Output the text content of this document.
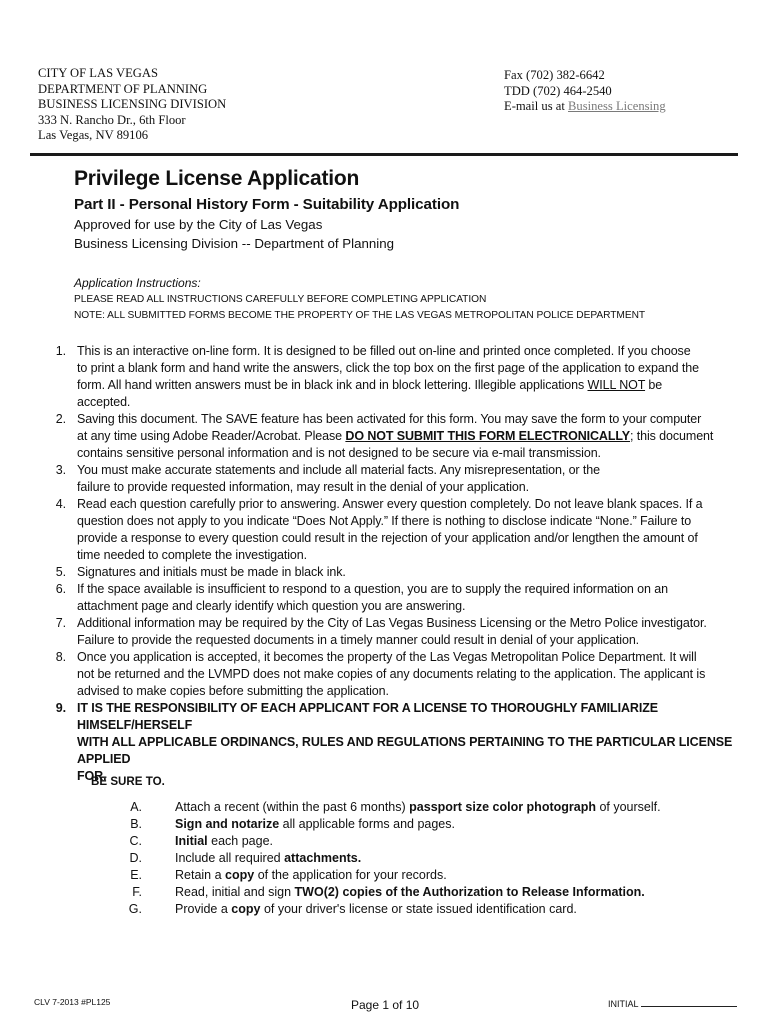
CITY OF LAS VEGAS
DEPARTMENT OF PLANNING
BUSINESS LICENSING DIVISION
333 N. Rancho Dr., 6th Floor
Las Vegas, NV 89106
Fax (702) 382-6642
TDD (702) 464-2540
E-mail us at Business Licensing
Privilege License Application
Part II - Personal History Form - Suitability Application
Approved for use by the City of Las Vegas
Business Licensing Division -- Department of Planning
Application Instructions:
PLEASE READ ALL INSTRUCTIONS CAREFULLY BEFORE COMPLETING APPLICATION
NOTE: ALL SUBMITTED FORMS BECOME THE PROPERTY OF THE LAS VEGAS METROPOLITAN POLICE DEPARTMENT
1. This is an interactive on-line form. It is designed to be filled out on-line and printed once completed. If you choose
to print a blank form and hand write the answers, click the top box on the first page of the application to expand the
form. All hand written answers must be in black ink and in block lettering. Illegible applications WILL NOT be
accepted.
2. Saving this document. The SAVE feature has been activated for this form. You may save the form to your computer
at any time using Adobe Reader/Acrobat. Please DO NOT SUBMIT THIS FORM ELECTRONICALLY; this document
contains sensitive personal information and is not designed to be secure via e-mail transmission.
3. You must make accurate statements and include all material facts. Any misrepresentation, or the
failure to provide requested information, may result in the denial of your application.
4. Read each question carefully prior to answering. Answer every question completely. Do not leave blank spaces. If a
question does not apply to you indicate “Does Not Apply.” If there is nothing to disclose indicate “None.” Failure to
provide a response to every question could result in the rejection of your application and/or lengthen the amount of
time needed to complete the investigation.
5. Signatures and initials must be made in black ink.
6. If the space available is insufficient to respond to a question, you are to supply the required information on an
attachment page and clearly identify which question you are answering.
7. Additional information may be required by the City of Las Vegas Business Licensing or the Metro Police investigator.
Failure to provide the requested documents in a timely manner could result in denial of your application.
8. Once you application is accepted, it becomes the property of the Las Vegas Metropolitan Police Department. It will
not be returned and the LVMPD does not make copies of any documents relating to the application. The applicant is
advised to make copies before submitting the application.
9. IT IS THE RESPONSIBILITY OF EACH APPLICANT FOR A LICENSE TO THOROUGHLY FAMILIARIZE HIMSELF/HERSELF
WITH ALL APPLICABLE ORDINANCS, RULES AND REGULATIONS PERTAINING TO THE PARTICULAR LICENSE APPLIED
FOR.
BE SURE TO.
A.	Attach a recent (within the past 6 months) passport size color photograph of yourself.
B.	Sign and notarize all applicable forms and pages.
C.	Initial each page.
D.	Include all required attachments.
E.	Retain a copy of the application for your records.
F.	Read, initial and sign TWO(2) copies of the Authorization to Release Information.
G.	Provide a copy of your driver's license or state issued identification card.
CLV 7-2013 #PL125	Page 1 of 10	INITIAL
